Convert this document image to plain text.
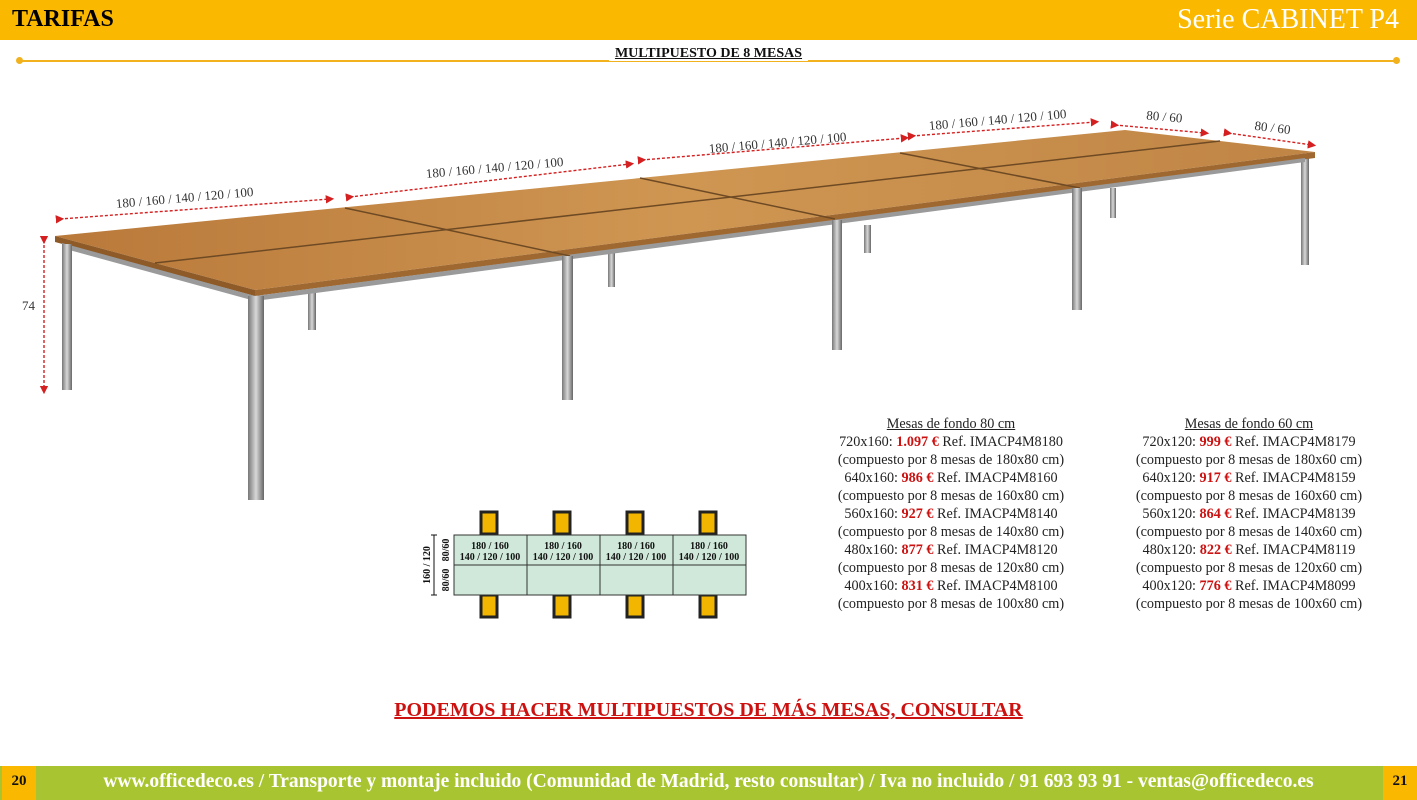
TARIFAS	Serie CABINET P4
MULTIPUESTO DE 8 MESAS
74
180 / 160 / 140 / 120 / 100
180 / 160 / 140 / 120 / 100
180 / 160 / 140 / 120 / 100
180 / 160 / 140 / 120 / 100	80 / 60
80 / 60
180 / 160
140 / 120 / 100
180 / 160
140 / 120 / 100
180 / 160
140 / 120 / 100
180 / 160
140 / 120 / 100
160 / 120 80/60
80/60
Mesas de fondo 80 cm
720x160: 1.097 € Ref. IMACP4M8180
(compuesto por 8 mesas de 180x80 cm)
640x160: 986 € Ref. IMACP4M8160
(compuesto por 8 mesas de 160x80 cm)
560x160: 927 € Ref. IMACP4M8140
(compuesto por 8 mesas de 140x80 cm)
480x160: 877 € Ref. IMACP4M8120
(compuesto por 8 mesas de 120x80 cm)
400x160: 831 € Ref. IMACP4M8100
(compuesto por 8 mesas de 100x80 cm)
Mesas de fondo 60 cm
720x120: 999 € Ref. IMACP4M8179
(compuesto por 8 mesas de 180x60 cm)
640x120: 917 € Ref. IMACP4M8159
(compuesto por 8 mesas de 160x60 cm)
560x120: 864 € Ref. IMACP4M8139
(compuesto por 8 mesas de 140x60 cm)
480x120: 822 € Ref. IMACP4M8119
(compuesto por 8 mesas de 120x60 cm)
400x120: 776 € Ref. IMACP4M8099
(compuesto por 8 mesas de 100x60 cm)
PODEMOS HACER MULTIPUESTOS DE MÁS MESAS, CONSULTAR
20	21
www.officedeco.es / Transporte y montaje incluido (Comunidad de Madrid, resto consultar) / Iva no incluido / 91 693 93 91 - ventas@officedeco.es
